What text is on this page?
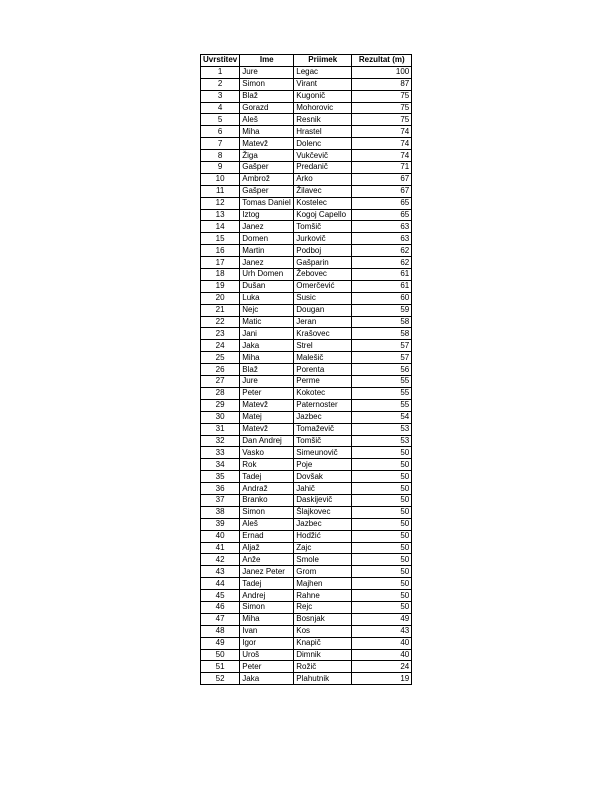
Uvrstitev	Ime	Priimek	Rezultat (m)
1	Jure	Legac	100
2	Simon	Virant	87
3	Blaž	Kugonič	75
4	Gorazd	Mohorovic	75
5	Aleš	Resnik	75
6	Miha	Hrastel	74
7	Matevž	Dolenc	74
8	Žiga	Vukčevič	74
9	Gašper	Predanič	71
10	Ambrož	Arko	67
11	Gašper	Žilavec	67
12	Tomas Daniel	Kostelec	65
13	Iztog	Kogoj Capello	65
14	Janez	Tomšič	63
15	Domen	Jurkovič	63
16	Martin	Podboj	62
17	Janez	Gašparin	62
18	Urh Domen	Žebovec	61
19	Dušan	Omerčević	61
20	Luka	Susic	60
21	Nejc	Dougan	59
22	Matic	Jeran	58
23	Jani	Krašovec	58
24	Jaka	Strel	57
25	Miha	Malešič	57
26	Blaž	Porenta	56
27	Jure	Perme	55
28	Peter	Kokotec	55
29	Matevž	Paternoster	55
30	Matej	Jazbec	54
31	Matevž	Tomaževič	53
32	Dan Andrej	Tomšič	53
33	Vasko	Simeunovič	50
34	Rok	Poje	50
35	Tadej	Dovšak	50
36	Andraž	Jahič	50
37	Branko	Daskijevič	50
38	Simon	Šlajkovec	50
39	Aleš	Jazbec	50
40	Ernad	Hodžić	50
41	Aljaž	Zajc	50
42	Anže	Smole	50
43	Janez Peter	Grom	50
44	Tadej	Majhen	50
45	Andrej	Rahne	50
46	Simon	Rejc	50
47	Miha	Bosnjak	49
48	Ivan	Kos	43
49	Igor	Knapič	40
50	Uroš	Dimnik	40
51	Peter	Rožič	24
52	Jaka	Plahutnik	19
